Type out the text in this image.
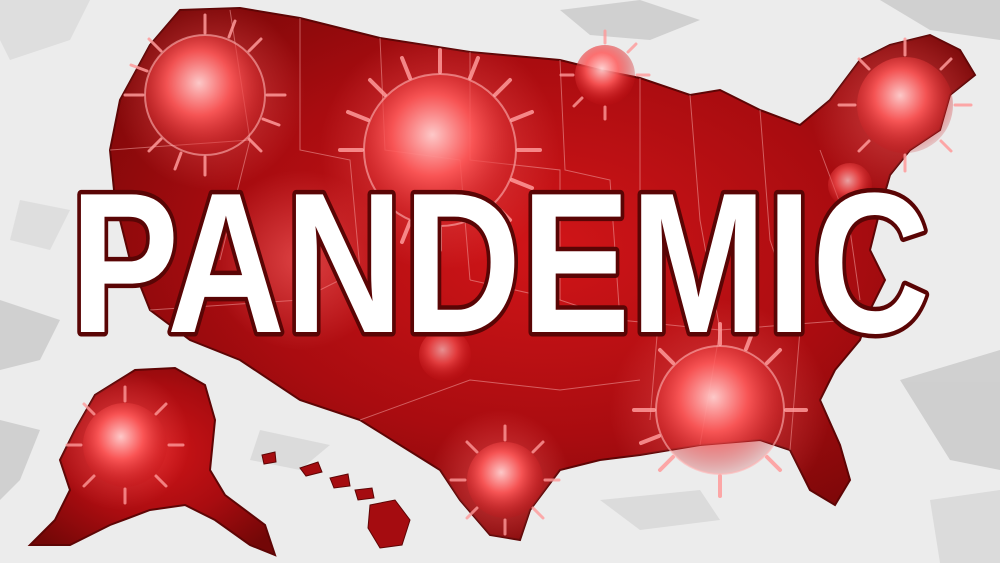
PANDEMIC
